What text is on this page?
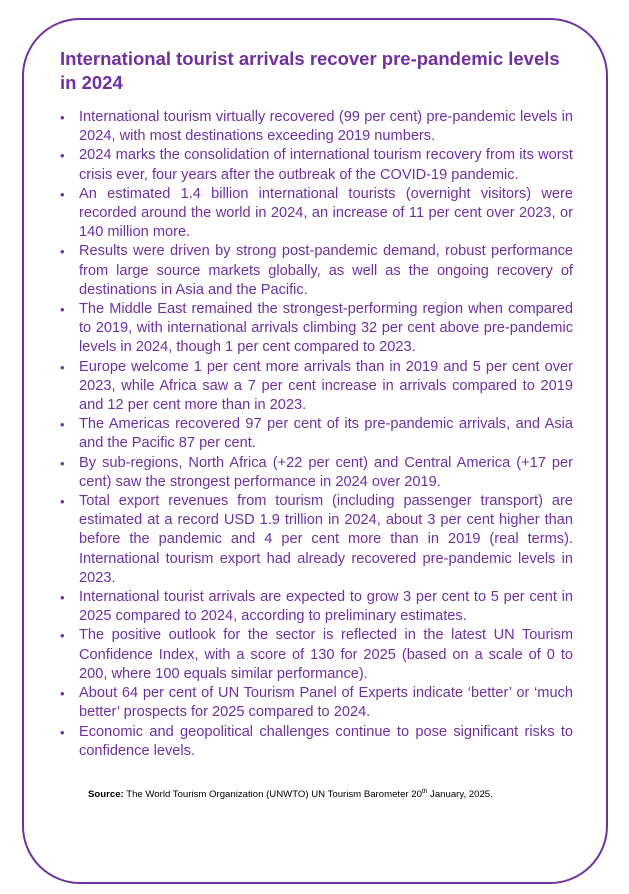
International tourist arrivals recover pre-pandemic levels in 2024
• International tourism virtually recovered (99 per cent) pre-pandemic levels in 2024, with most destinations exceeding 2019 numbers.
• 2024 marks the consolidation of international tourism recovery from its worst crisis ever, four years after the outbreak of the COVID-19 pandemic.
• An estimated 1.4 billion international tourists (overnight visitors) were recorded around the world in 2024, an increase of 11 per cent over 2023, or 140 million more.
• Results were driven by strong post-pandemic demand, robust performance from large source markets globally, as well as the ongoing recovery of destinations in Asia and the Pacific.
• The Middle East remained the strongest-performing region when compared to 2019, with international arrivals climbing 32 per cent above pre-pandemic levels in 2024, though 1 per cent compared to 2023.
• Europe welcome 1 per cent more arrivals than in 2019 and 5 per cent over 2023, while Africa saw a 7 per cent increase in arrivals compared to 2019 and 12 per cent more than in 2023.
• The Americas recovered 97 per cent of its pre-pandemic arrivals, and Asia and the Pacific 87 per cent.
• By sub-regions, North Africa (+22 per cent) and Central America (+17 per cent) saw the strongest performance in 2024 over 2019.
• Total export revenues from tourism (including passenger transport) are estimated at a record USD 1.9 trillion in 2024, about 3 per cent higher than before the pandemic and 4 per cent more than in 2019 (real terms). International tourism export had already recovered pre-pandemic levels in 2023.
• International tourist arrivals are expected to grow 3 per cent to 5 per cent in 2025 compared to 2024, according to preliminary estimates.
• The positive outlook for the sector is reflected in the latest UN Tourism Confidence Index, with a score of 130 for 2025 (based on a scale of 0 to 200, where 100 equals similar performance).
• About 64 per cent of UN Tourism Panel of Experts indicate ‘better’ or ‘much better’ prospects for 2025 compared to 2024.
• Economic and geopolitical challenges continue to pose significant risks to confidence levels.

Source: The World Tourism Organization (UNWTO) UN Tourism Barometer 20th January, 2025.
